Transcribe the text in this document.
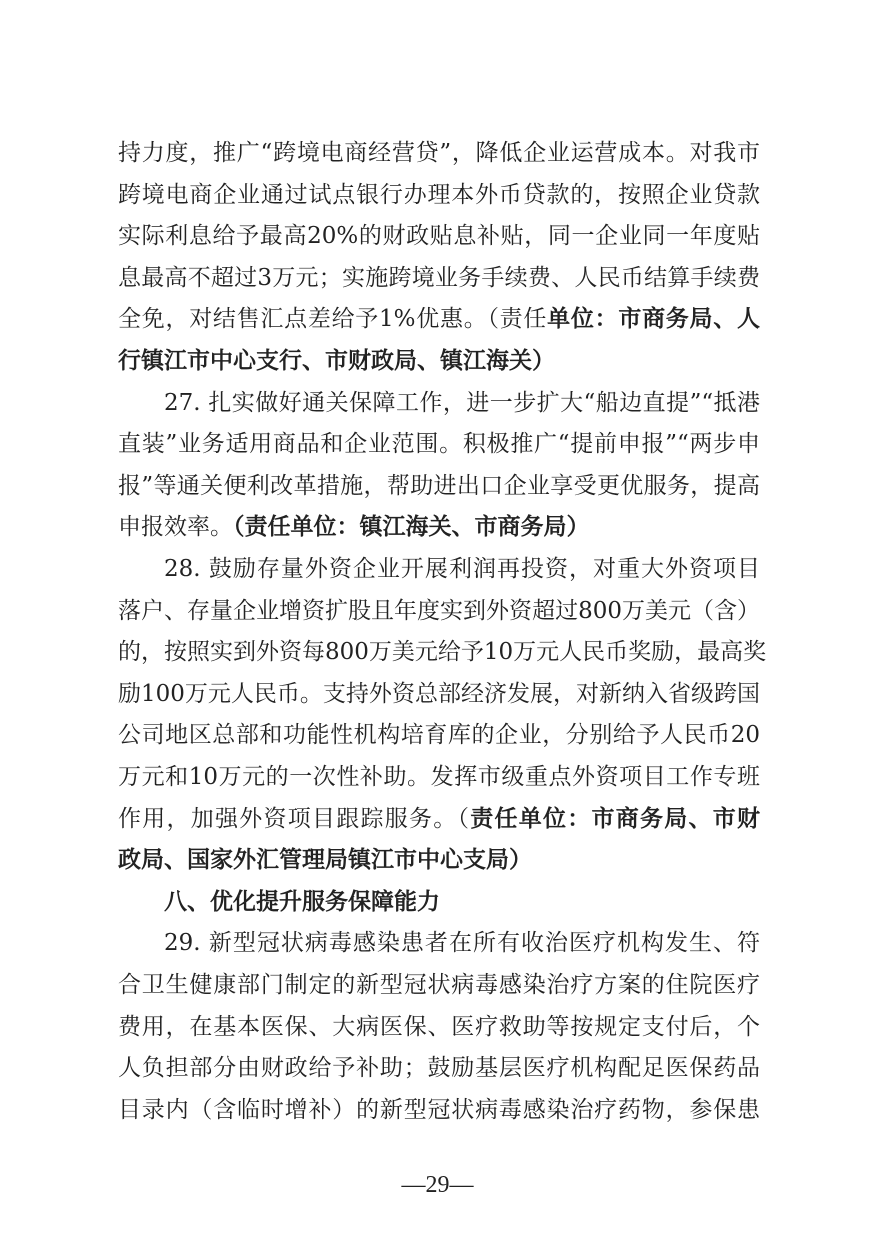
持力度，推广“跨境电商经营贷”，降低企业运营成本。对我市
跨境电商企业通过试点银行办理本外币贷款的，按照企业贷款
实际利息给予最高20%的财政贴息补贴，同一企业同一年度贴
息最高不超过3万元；实施跨境业务手续费、人民币结算手续费
全免，对结售汇点差给予1%优惠。（责任单位：市商务局、人
行镇江市中心支行、市财政局、镇江海关）
27. 扎实做好通关保障工作，进一步扩大“船边直提”“抵港
直装”业务适用商品和企业范围。积极推广“提前申报”“两步申
报”等通关便利改革措施，帮助进出口企业享受更优服务，提高
申报效率。（责任单位：镇江海关、市商务局）
28. 鼓励存量外资企业开展利润再投资，对重大外资项目
落户、存量企业增资扩股且年度实到外资超过800万美元（含）
的，按照实到外资每800万美元给予10万元人民币奖励，最高奖
励100万元人民币。支持外资总部经济发展，对新纳入省级跨国
公司地区总部和功能性机构培育库的企业，分别给予人民币20
万元和10万元的一次性补助。发挥市级重点外资项目工作专班
作用，加强外资项目跟踪服务。（责任单位：市商务局、市财
政局、国家外汇管理局镇江市中心支局）
八、优化提升服务保障能力
29. 新型冠状病毒感染患者在所有收治医疗机构发生、符
合卫生健康部门制定的新型冠状病毒感染治疗方案的住院医疗
费用，在基本医保、大病医保、医疗救助等按规定支付后，个
人负担部分由财政给予补助；鼓励基层医疗机构配足医保药品
目录内（含临时增补）的新型冠状病毒感染治疗药物，参保患
—29—
